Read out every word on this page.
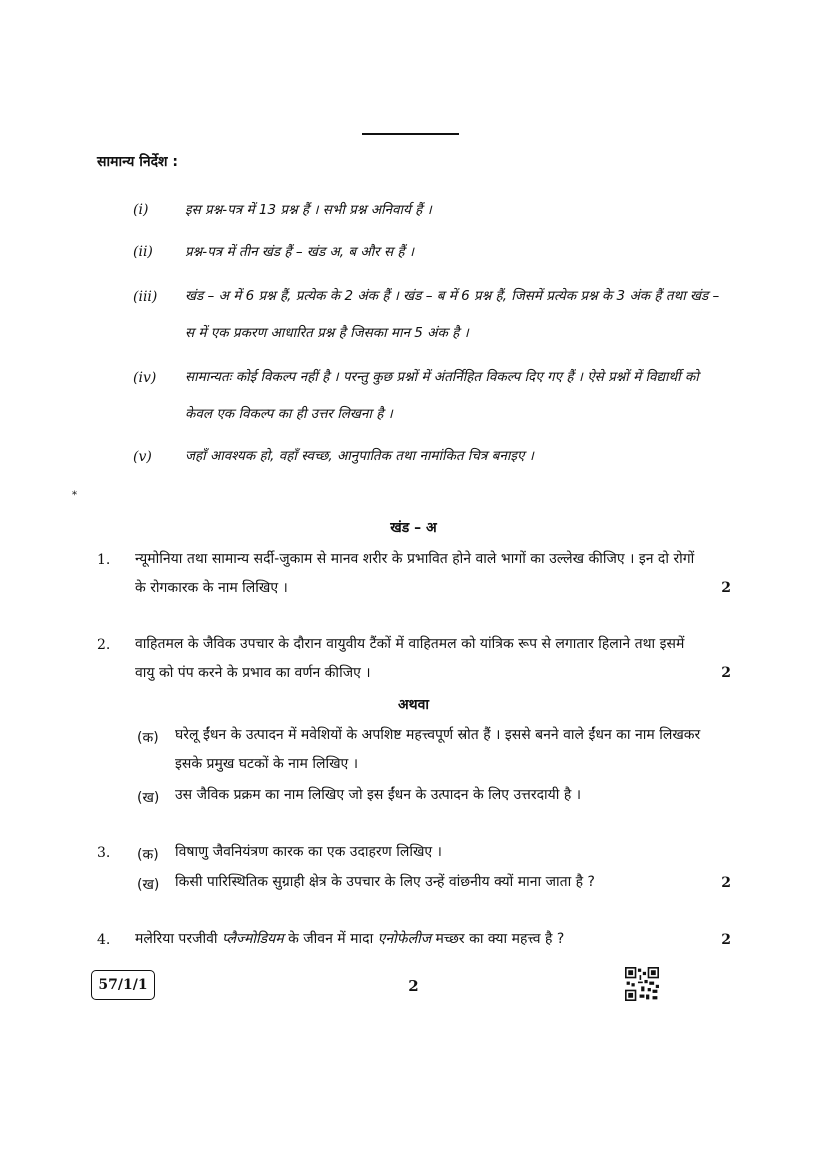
सामान्य निर्देश :
(i)	इस प्रश्न-पत्र में 13 प्रश्न हैं । सभी प्रश्न अनिवार्य हैं ।
(ii) प्रश्न-पत्र में तीन खंड हैं – खंड अ, ब और स हैं ।
(iii) खंड – अ में 6 प्रश्न हैं, प्रत्येक के 2 अंक हैं । खंड – ब में 6 प्रश्न हैं, जिसमें प्रत्येक प्रश्न के 3 अंक हैं तथा खंड – स में एक प्रकरण आधारित प्रश्न है जिसका मान 5 अंक है ।
(iv) सामान्यतः कोई विकल्प नहीं है । परन्तु कुछ प्रश्नों में अंतर्निहित विकल्प दिए गए हैं । ऐसे प्रश्नों में विद्यार्थी को केवल एक विकल्प का ही उत्तर लिखना है ।
(v) जहाँ आवश्यक हो, वहाँ स्वच्छ, आनुपातिक तथा नामांकित चित्र बनाइए ।
*
खंड – अ
1. न्यूमोनिया तथा सामान्य सर्दी-जुकाम से मानव शरीर के प्रभावित होने वाले भागों का उल्लेख कीजिए । इन दो रोगों के रोगकारक के नाम लिखिए ।	2
2. वाहितमल के जैविक उपचार के दौरान वायुवीय टैंकों में वाहितमल को यांत्रिक रूप से लगातार हिलाने तथा इसमें वायु को पंप करने के प्रभाव का वर्णन कीजिए ।	2
अथवा
(क) घरेलू ईंधन के उत्पादन में मवेशियों के अपशिष्ट महत्त्वपूर्ण स्रोत हैं । इससे बनने वाले ईंधन का नाम लिखकर इसके प्रमुख घटकों के नाम लिखिए ।
(ख) उस जैविक प्रक्रम का नाम लिखिए जो इस ईंधन के उत्पादन के लिए उत्तरदायी है ।
3. (क) विषाणु जैवनियंत्रण कारक का एक उदाहरण लिखिए ।
(ख) किसी पारिस्थितिक सुग्राही क्षेत्र के उपचार के लिए उन्हें वांछनीय क्यों माना जाता है ?	2
4. मलेरिया परजीवी प्लैज्मोडियम के जीवन में मादा एनोफेलीज मच्छर का क्या महत्त्व है ?	2
57/1/1	2
